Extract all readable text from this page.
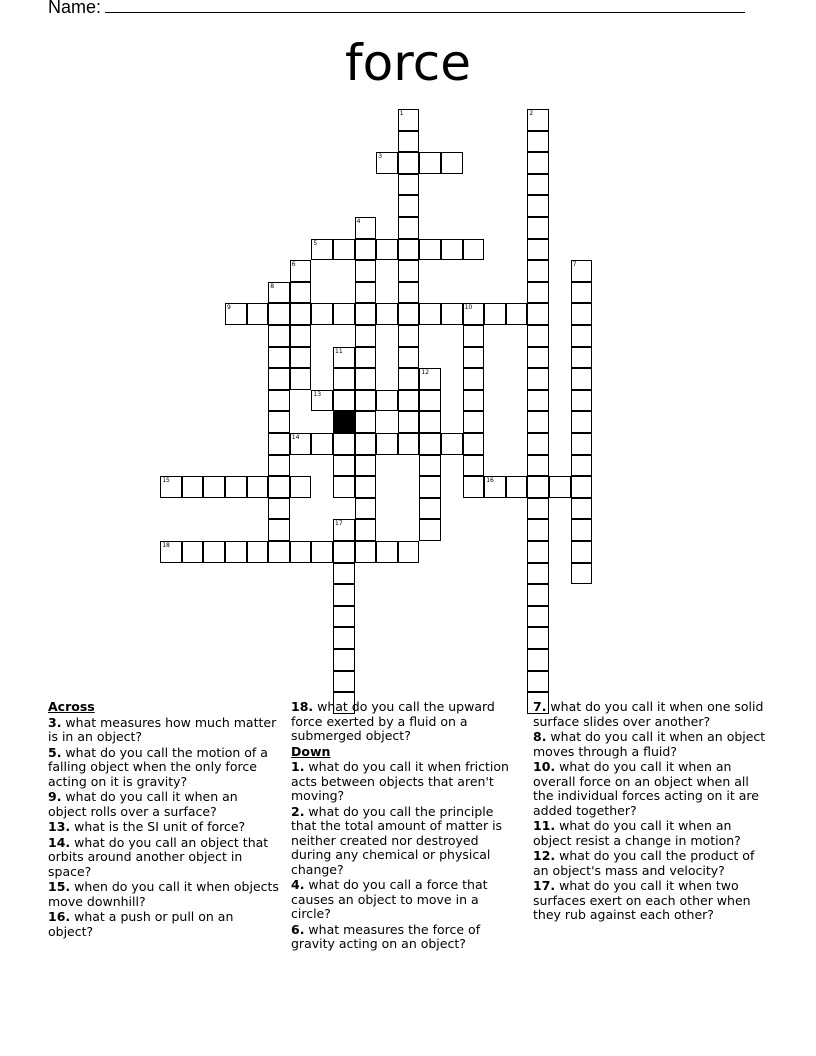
Name:
force
1	2
3
4
5
6	7
8
9	10
11
12
13
14
15	16
17
18
Across
3. what measures how much matter is in an object?
5. what do you call the motion of a falling object when the only force acting on it is gravity?
9. what do you call it when an object rolls over a surface?
13. what is the SI unit of force?
14. what do you call an object that orbits around another object in space?
15. when do you call it when objects move downhill?
16. what a push or pull on an object?
18. what do you call the upward force exerted by a fluid on a submerged object?
Down
1. what do you call it when friction acts between objects that aren't moving?
2. what do you call the principle that the total amount of matter is neither created nor destroyed during any chemical or physical change?
4. what do you call a force that causes an object to move in a circle?
6. what measures the force of gravity acting on an object?
7. what do you call it when one solid surface slides over another?
8. what do you call it when an object moves through a fluid?
10. what do you call it when an overall force on an object when all the individual forces acting on it are added together?
11. what do you call it when an object resist a change in motion?
12. what do you call the product of an object's mass and velocity?
17. what do you call it when two surfaces exert on each other when they rub against each other?
